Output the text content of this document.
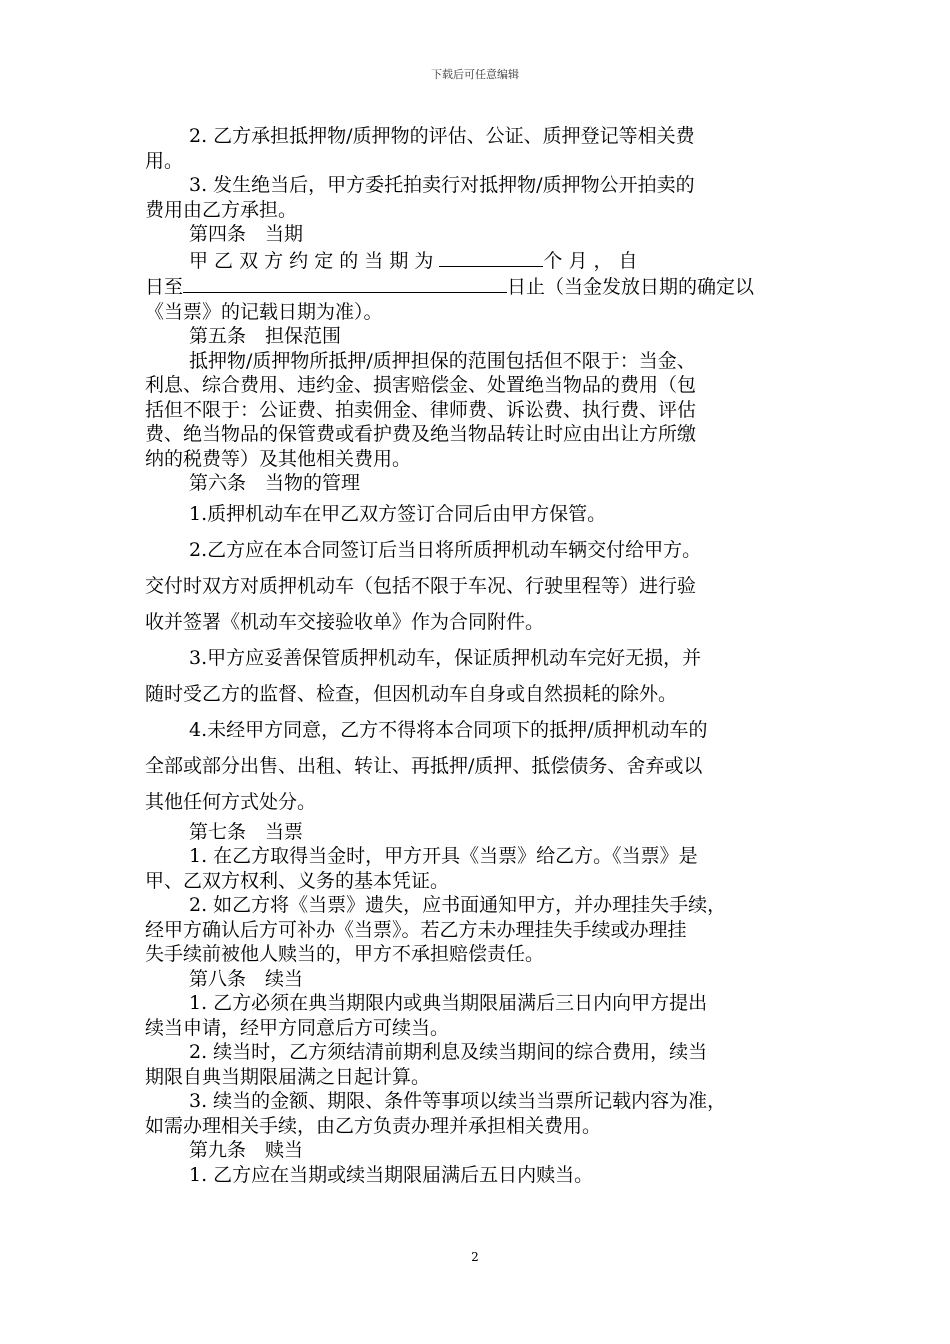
下载后可任意编辑

2. 乙方承担抵押物/质押物的评估、公证、质押登记等相关费

用。

3. 发生绝当后，甲方委托拍卖行对抵押物/质押物公开拍卖的

费用由乙方承担。

第四条　当期

甲 乙 双 方 约 定 的 当 期 为	个 月 ， 自

日至	日止（当金发放日期的确定以

《当票》的记载日期为准）。

第五条　担保范围

抵押物/质押物所抵押/质押担保的范围包括但不限于：当金、

利息、综合费用、违约金、损害赔偿金、处置绝当物品的费用（包

括但不限于：公证费、拍卖佣金、律师费、诉讼费、执行费、评估

费、绝当物品的保管费或看护费及绝当物品转让时应由出让方所缴

纳的税费等）及其他相关费用。

第六条　当物的管理

1.质押机动车在甲乙双方签订合同后由甲方保管。

2.乙方应在本合同签订后当日将所质押机动车辆交付给甲方。

交付时双方对质押机动车（包括不限于车况、行驶里程等）进行验

收并签署《机动车交接验收单》作为合同附件。

3.甲方应妥善保管质押机动车，保证质押机动车完好无损，并

随时受乙方的监督、检查，但因机动车自身或自然损耗的除外。

4.未经甲方同意，乙方不得将本合同项下的抵押/质押机动车的

全部或部分出售、出租、转让、再抵押/质押、抵偿债务、舍弃或以

其他任何方式处分。

第七条　当票

1. 在乙方取得当金时，甲方开具《当票》给乙方。《当票》是

甲、乙双方权利、义务的基本凭证。

2. 如乙方将《当票》遗失，应书面通知甲方，并办理挂失手续，

经甲方确认后方可补办《当票》。若乙方未办理挂失手续或办理挂

失手续前被他人赎当的，甲方不承担赔偿责任。

第八条　续当

1. 乙方必须在典当期限内或典当期限届满后三日内向甲方提出

续当申请，经甲方同意后方可续当。

2. 续当时，乙方须结清前期利息及续当期间的综合费用，续当

期限自典当期限届满之日起计算。

3. 续当的金额、期限、条件等事项以续当当票所记载内容为准，

如需办理相关手续，由乙方负责办理并承担相关费用。

第九条　赎当

1. 乙方应在当期或续当期限届满后五日内赎当。

2
